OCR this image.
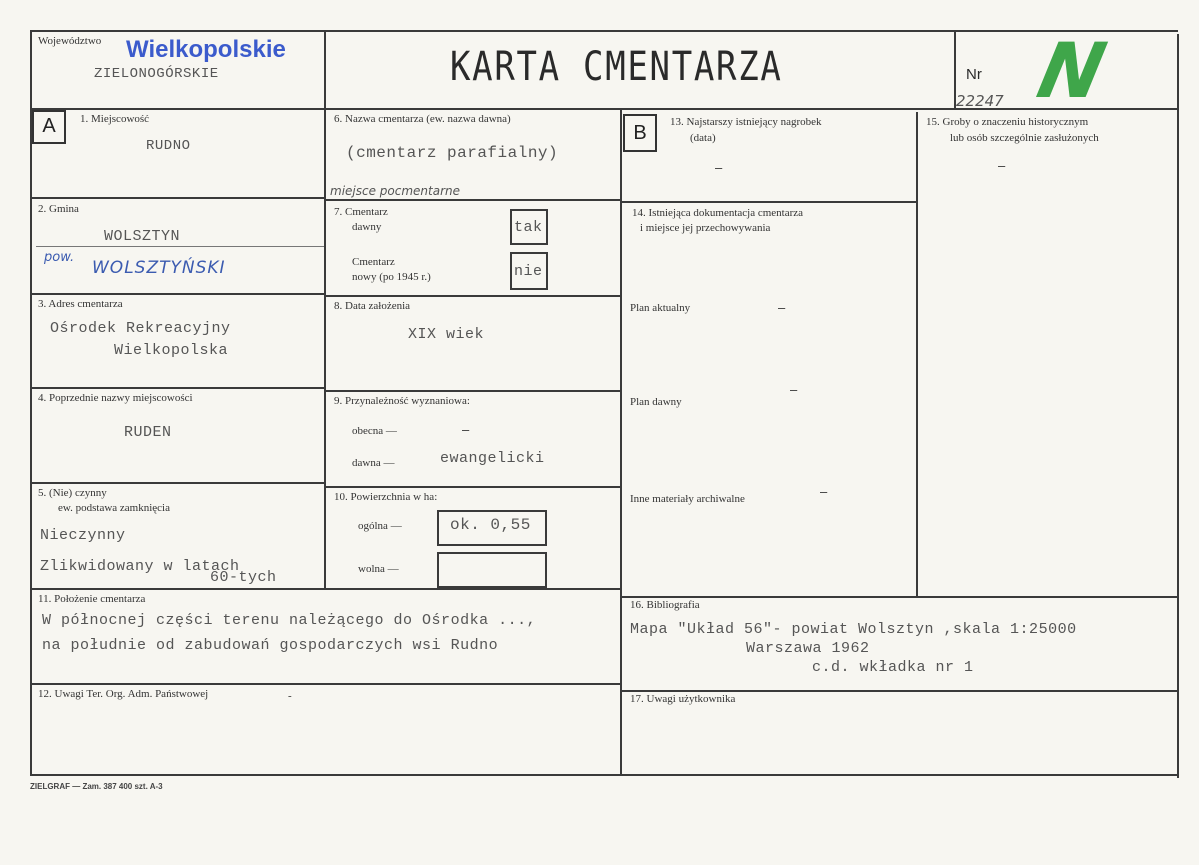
Województwo Wielkopolskie
ZIELONOGÓRSKIE	KARTA CMENTARZA	Nr
22247 N
A	1. Miejscowość
RUDNO
2. Gmina
WOLSZTYN
pow.
WOLSZTYŃSKI
3. Adres cmentarza
Ośrodek Rekreacyjny
Wielkopolska
4. Poprzednie nazwy miejscowości
RUDEN
5. (Nie) czynny
ew. podstawa zamknięcia
Nieczynny
Zlikwidowany w latach
60-tych
6. Nazwa cmentarza (ew. nazwa dawna)
(cmentarz parafialny)
miejsce pocmentarne
7. Cmentarz
dawny	tak
Cmentarz
nowy (po 1945 r.)	nie
8. Data założenia
XIX wiek
9. Przynależność wyznaniowa:
obecna —	–
dawna —	ewangelicki
10. Powierzchnia w ha:
ogólna —	ok. 0,55
wolna —
11. Położenie cmentarza
W północnej części terenu należącego do Ośrodka ...,
na południe od zabudowań gospodarczych wsi Rudno
12. Uwagi Ter. Org. Adm. Państwowej	-
B	13. Najstarszy istniejący nagrobek
(data)
–
14. Istniejąca dokumentacja cmentarza
i miejsce jej przechowywania
Plan aktualny	–
Plan dawny
–
Inne materiały archiwalne	–
15. Groby o znaczeniu historycznym
lub osób szczególnie zasłużonych
–
16. Bibliografia
Mapa "Układ 56"- powiat Wolsztyn ,skala 1:25000
Warszawa 1962
c.d. wkładka nr 1
17. Uwagi użytkownika
ZIELGRAF — Zam. 387 400 szt. A-3
